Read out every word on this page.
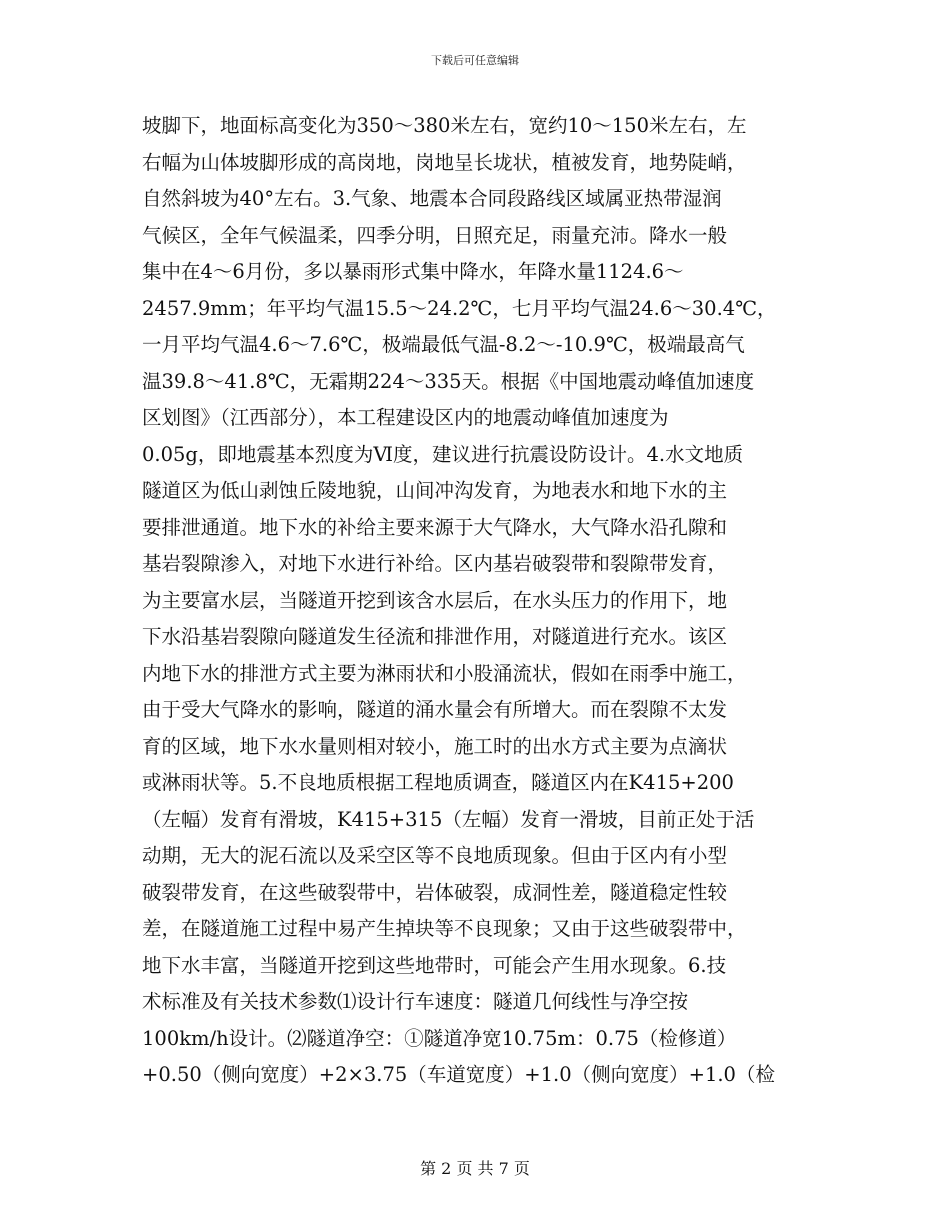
下载后可任意编辑
坡脚下，地面标高变化为350～380米左右，宽约10～150米左右，左
右幅为山体坡脚形成的高岗地，岗地呈长垅状，植被发育，地势陡峭，
自然斜坡为40°左右。3.气象、地震本合同段路线区域属亚热带湿润
气候区，全年气候温柔，四季分明，日照充足，雨量充沛。降水一般
集中在4～6月份，多以暴雨形式集中降水，年降水量1124.6～
2457.9mm；年平均气温15.5～24.2℃，七月平均气温24.6～30.4℃，
一月平均气温4.6～7.6℃，极端最低气温-8.2～-10.9℃，极端最高气
温39.8～41.8℃，无霜期224～335天。根据《中国地震动峰值加速度
区划图》（江西部分），本工程建设区内的地震动峰值加速度为
0.05g，即地震基本烈度为Ⅵ度，建议进行抗震设防设计。4.水文地质
隧道区为低山剥蚀丘陵地貌，山间冲沟发育，为地表水和地下水的主
要排泄通道。地下水的补给主要来源于大气降水，大气降水沿孔隙和
基岩裂隙渗入，对地下水进行补给。区内基岩破裂带和裂隙带发育，
为主要富水层，当隧道开挖到该含水层后，在水头压力的作用下，地
下水沿基岩裂隙向隧道发生径流和排泄作用，对隧道进行充水。该区
内地下水的排泄方式主要为淋雨状和小股涌流状，假如在雨季中施工，
由于受大气降水的影响，隧道的涌水量会有所增大。而在裂隙不太发
育的区域，地下水水量则相对较小，施工时的出水方式主要为点滴状
或淋雨状等。5.不良地质根据工程地质调查，隧道区内在K415+200
（左幅）发育有滑坡，K415+315（左幅）发育一滑坡，目前正处于活
动期，无大的泥石流以及采空区等不良地质现象。但由于区内有小型
破裂带发育，在这些破裂带中，岩体破裂，成洞性差，隧道稳定性较
差，在隧道施工过程中易产生掉块等不良现象；又由于这些破裂带中，
地下水丰富，当隧道开挖到这些地带时，可能会产生用水现象。6.技
术标准及有关技术参数⑴设计行车速度：隧道几何线性与净空按
100km/h设计。⑵隧道净空：①隧道净宽10.75m：0.75（检修道）
+0.50（侧向宽度）+2×3.75（车道宽度）+1.0（侧向宽度）+1.0（检
第 2 页 共 7 页
